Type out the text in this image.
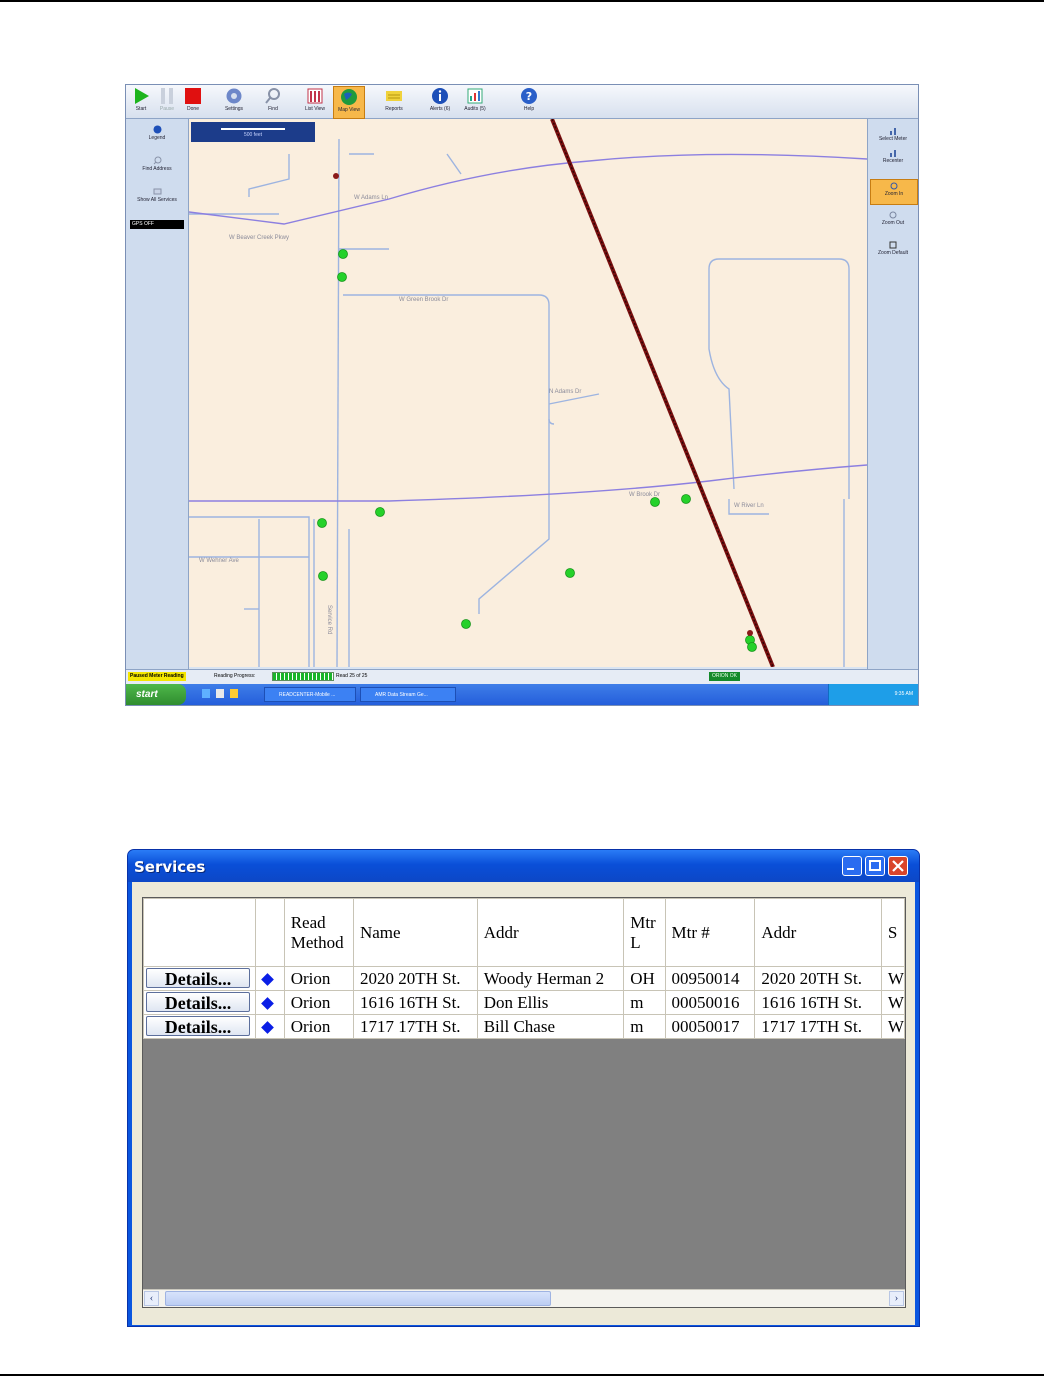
Start	Pause	Done	Settings	Find	List View	Map View	Reports	Alerts (6)	Audits (5)
?
Help
Legend
Find Address
Show All Services
GPS OFF
Select Meter
Recenter
Zoom In
Zoom Out
Zoom Default
500 feet
W Adams Ln
W Beaver Creek Pkwy
W Green Brook Dr
N Adams Dr
W Brook Dr
W River Ln
W Wehner Ave
Service Rd
Paused Meter Reading	Reading Progress:	Read 25 of 25	ORION OK
start	READCENTER-Mobile ...	AMR Data Stream Ge...	9:35 AM
Services
		Read Method	Name	Addr	Mtr L	Mtr #	Addr	S
Details...		Orion	2020 20TH St.	Woody Herman 2	OH	00950014	2020 20TH St.	W
Details...		Orion	1616 16TH St.	Don Ellis	m	00050016	1616 16TH St.	W
Details...		Orion	1717 17TH St.	Bill Chase	m	00050017	1717 17TH St.	W
‹	›
